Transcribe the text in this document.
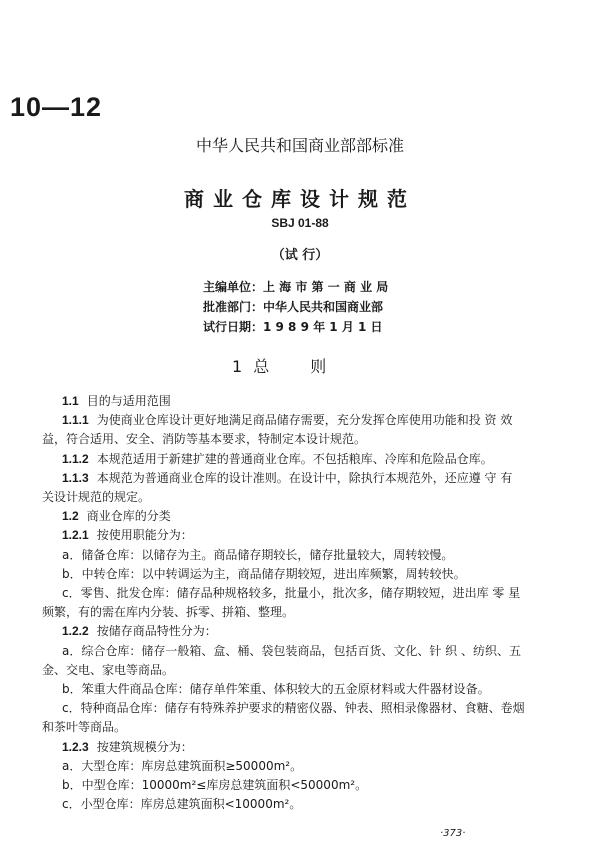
10—12
中华人民共和国商业部部标准
商业仓库设计规范
SBJ 01-88
（试 行）
主编单位：上 海 市 第 一 商 业 局
批准部门：中华人民共和国商业部
试行日期：1 9 8 9 年 1 月 1 日
1 总　　则
1.1 目的与适用范围
1.1.1 为使商业仓库设计更好地满足商品储存需要，充分发挥仓库使用功能和投 资 效
益，符合适用、安全、消防等基本要求，特制定本设计规范。
1.1.2 本规范适用于新建扩建的普通商业仓库。不包括粮库、冷库和危险品仓库。
1.1.3 本规范为普通商业仓库的设计准则。在设计中，除执行本规范外，还应遵 守 有
关设计规范的规定。
1.2 商业仓库的分类
1.2.1 按使用职能分为：
a．储备仓库：以储存为主。商品储存期较长，储存批量较大，周转较慢。
b．中转仓库：以中转调运为主，商品储存期较短，进出库频繁，周转较快。
c．零售、批发仓库：储存品种规格较多，批量小，批次多，储存期较短，进出库 零 星
频繁，有的需在库内分装、拆零、拼箱、整理。
1.2.2 按储存商品特性分为：
a．综合仓库：储存一般箱、盒、桶、袋包装商品，包括百货、文化、针 织 、纺织、五
金、交电、家电等商品。
b．笨重大件商品仓库：储存单件笨重、体积较大的五金原材料或大件器材设备。
c．特种商品仓库：储存有特殊养护要求的精密仪器、钟表、照相录像器材、食糖、卷烟
和茶叶等商品。
1.2.3 按建筑规模分为：
a．大型仓库：库房总建筑面积≥50000m²。
b．中型仓库：10000m²≤库房总建筑面积<50000m²。
c．小型仓库：库房总建筑面积<10000m²。
·373·
